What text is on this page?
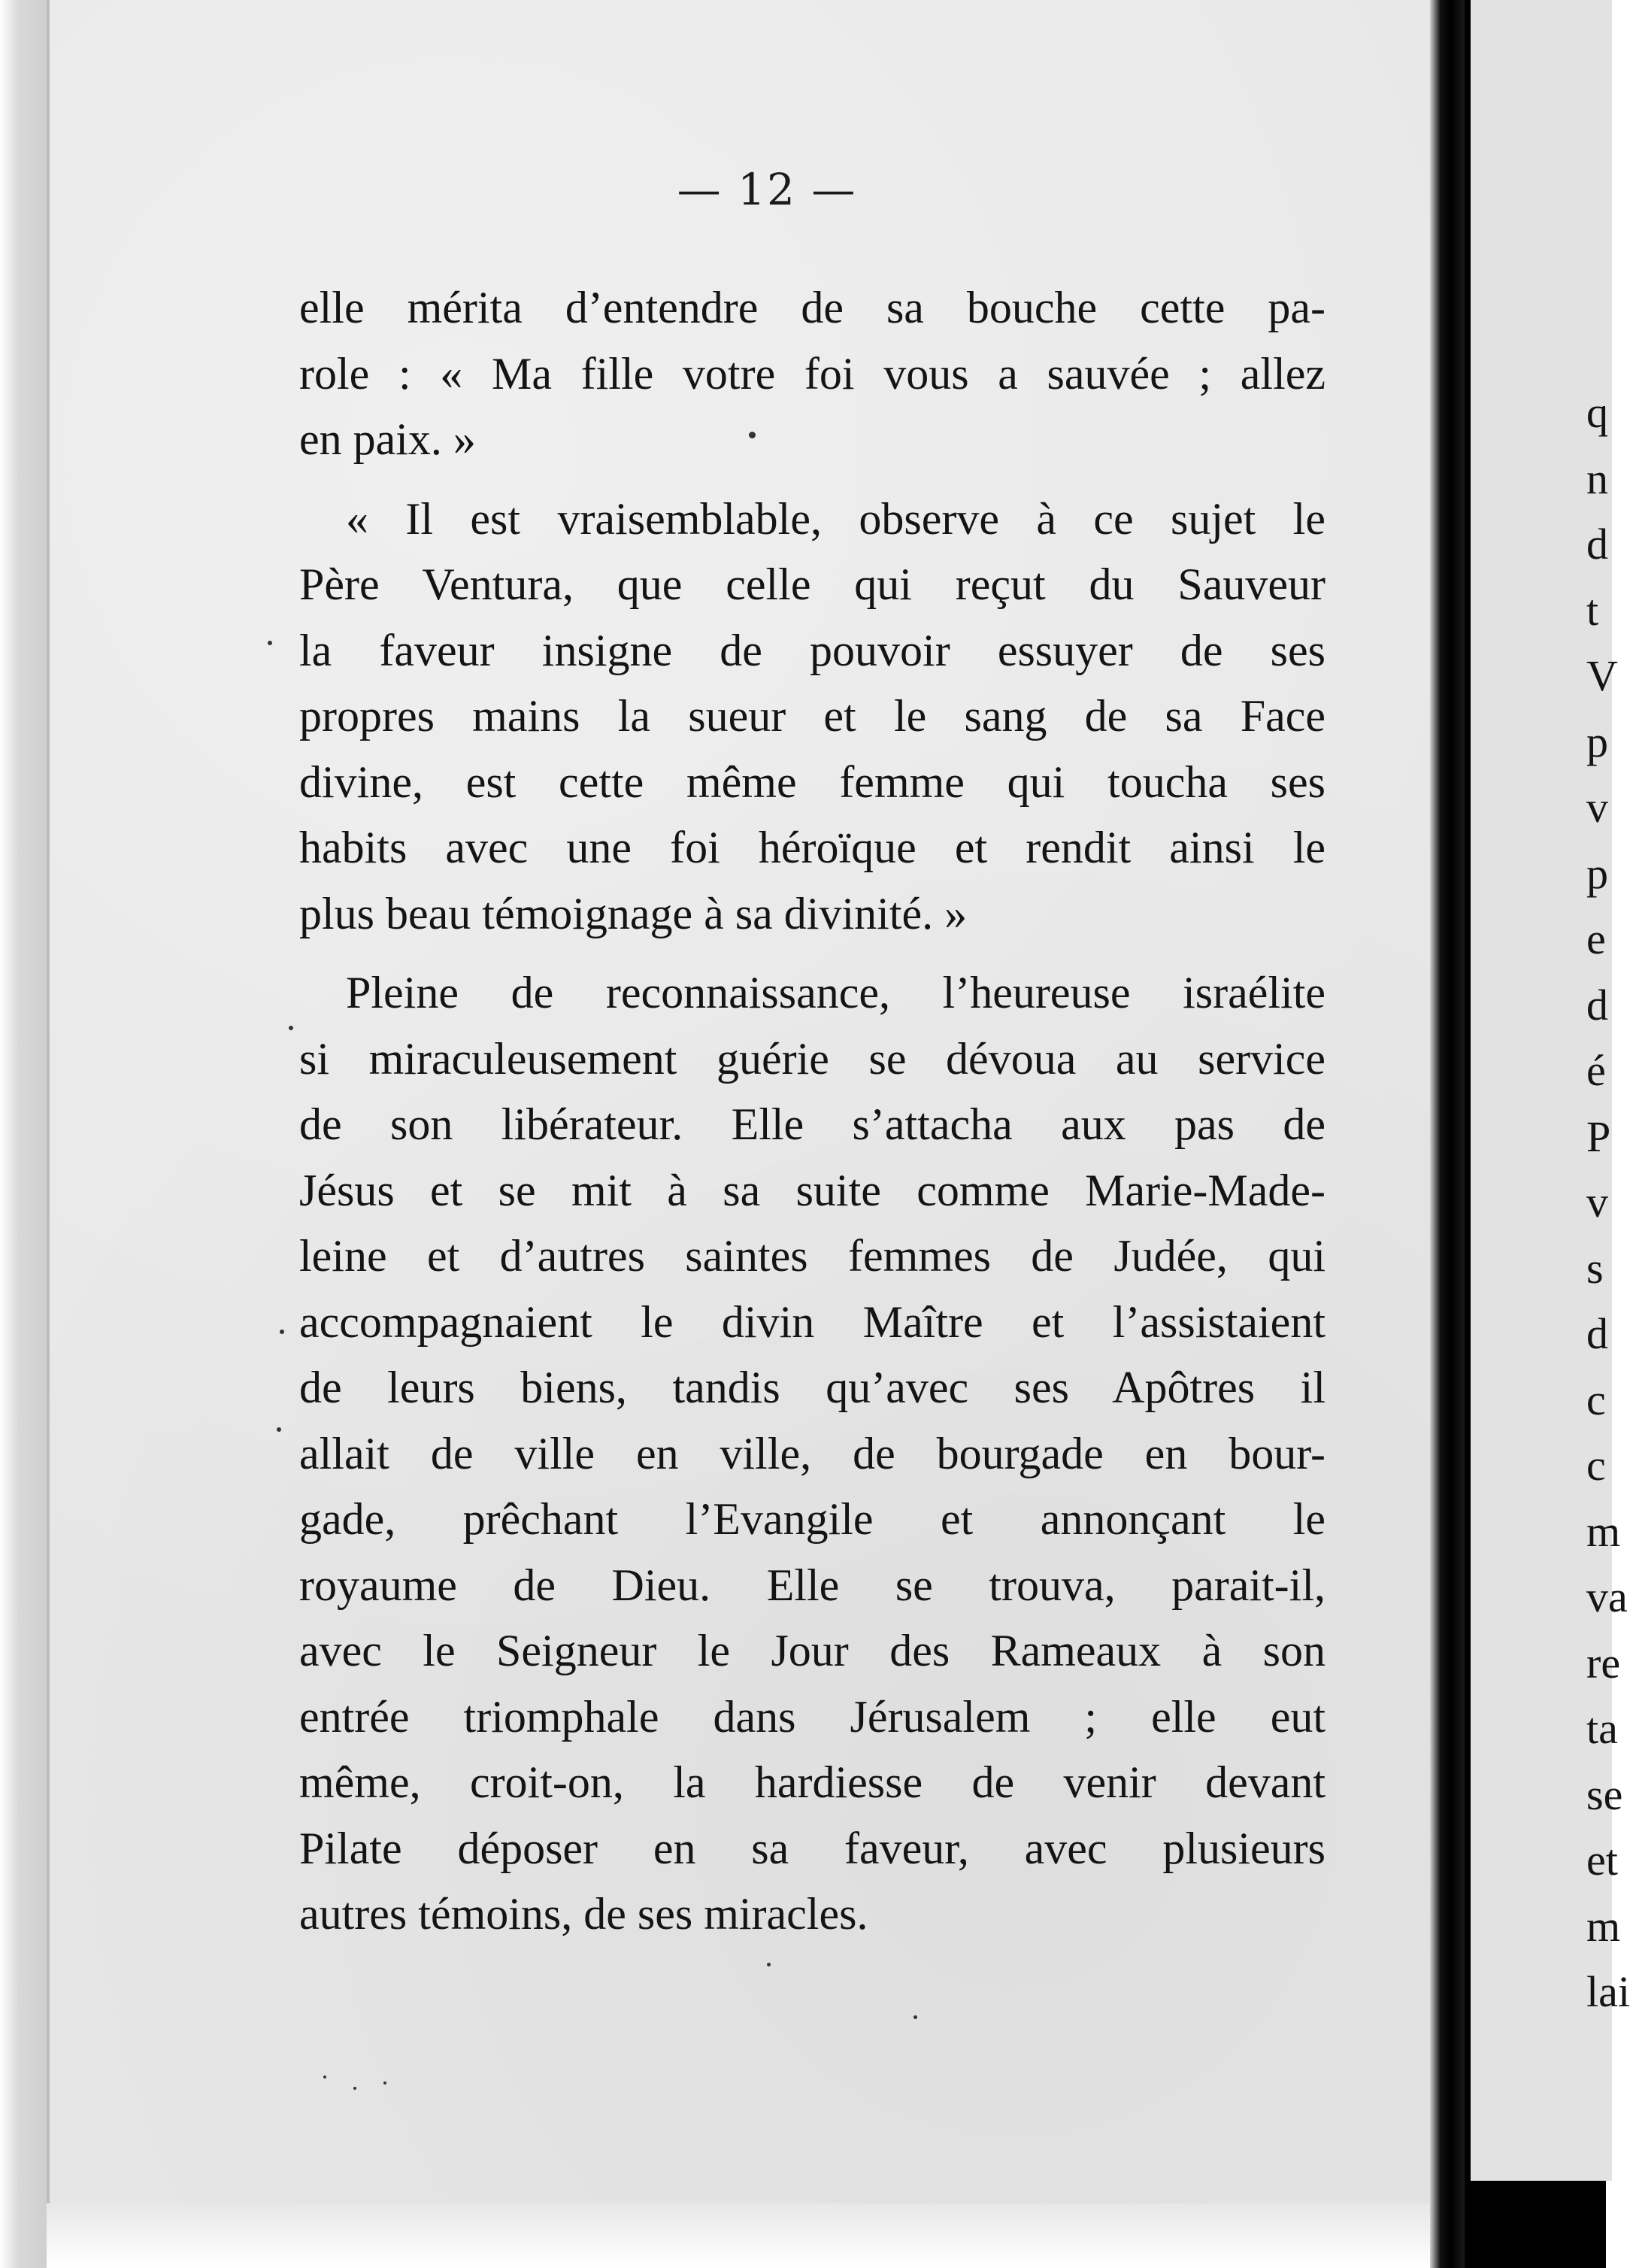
— 12 —
elle mérita d’entendre de sa bouche cette pa-
role : « Ma fille votre foi vous a sauvée ; allez
en paix. »
« Il est vraisemblable, observe à ce sujet le
Père Ventura, que celle qui reçut du Sauveur
la faveur insigne de pouvoir essuyer de ses
propres mains la sueur et le sang de sa Face
divine, est cette même femme qui toucha ses
habits avec une foi héroïque et rendit ainsi le
plus beau témoignage à sa divinité. »
Pleine de reconnaissance, l’heureuse israélite
si miraculeusement guérie se dévoua au service
de son libérateur. Elle s’attacha aux pas de
Jésus et se mit à sa suite comme Marie-Made-
leine et d’autres saintes femmes de Judée, qui
accompagnaient le divin Maître et l’assistaient
de leurs biens, tandis qu’avec ses Apôtres il
allait de ville en ville, de bourgade en bour-
gade, prêchant l’Evangile et annonçant le
royaume de Dieu. Elle se trouva, parait-il,
avec le Seigneur le Jour des Rameaux à son
entrée triomphale dans Jérusalem ; elle eut
même, croit-on, la hardiesse de venir devant
Pilate déposer en sa faveur, avec plusieurs
autres témoins, de ses miracles.
q
n
d
t
V
p
v
p
e
d
é
P
v
s
d
c
c
m
va
re
ta
se
et
m
lai
